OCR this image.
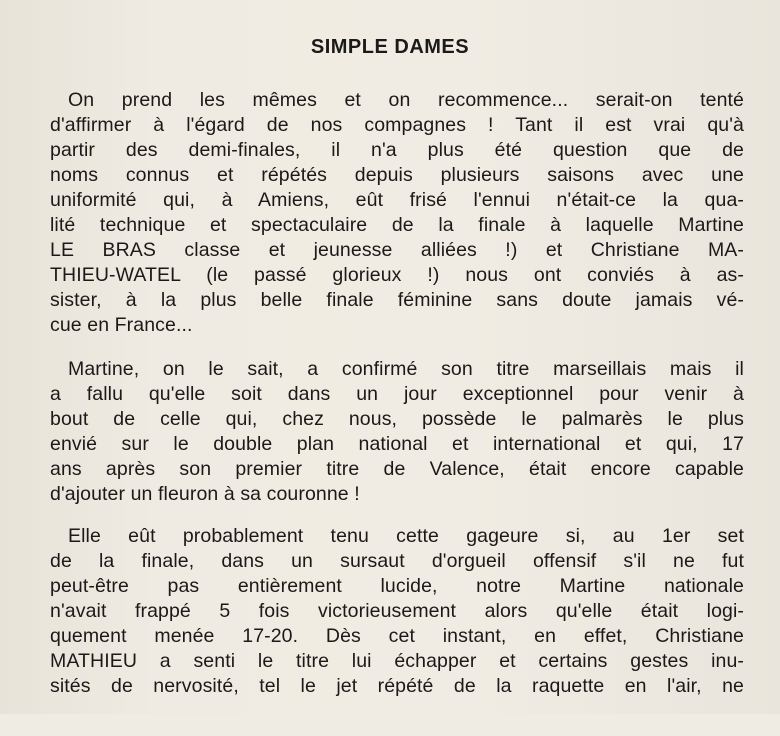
SIMPLE DAMES
On prend les mêmes et on recommence... serait-on tenté
d'affirmer à l'égard de nos compagnes ! Tant il est vrai qu'à
partir des demi-finales, il n'a plus été question que de
noms connus et répétés depuis plusieurs saisons avec une
uniformité qui, à Amiens, eût frisé l'ennui n'était-ce la qua-
lité technique et spectaculaire de la finale à laquelle Martine
LE BRAS classe et jeunesse alliées !) et Christiane MA-
THIEU-WATEL (le passé glorieux !) nous ont conviés à as-
sister, à la plus belle finale féminine sans doute jamais vé-
cue en France...
Martine, on le sait, a confirmé son titre marseillais mais il
a fallu qu'elle soit dans un jour exceptionnel pour venir à
bout de celle qui, chez nous, possède le palmarès le plus
envié sur le double plan national et international et qui, 17
ans après son premier titre de Valence, était encore capable
d'ajouter un fleuron à sa couronne !
Elle eût probablement tenu cette gageure si, au 1er set
de la finale, dans un sursaut d'orgueil offensif s'il ne fut
peut-être pas entièrement lucide, notre Martine nationale
n'avait frappé 5 fois victorieusement alors qu'elle était logi-
quement menée 17-20. Dès cet instant, en effet, Christiane
MATHIEU a senti le titre lui échapper et certains gestes inu-
sités de nervosité, tel le jet répété de la raquette en l'air, ne
